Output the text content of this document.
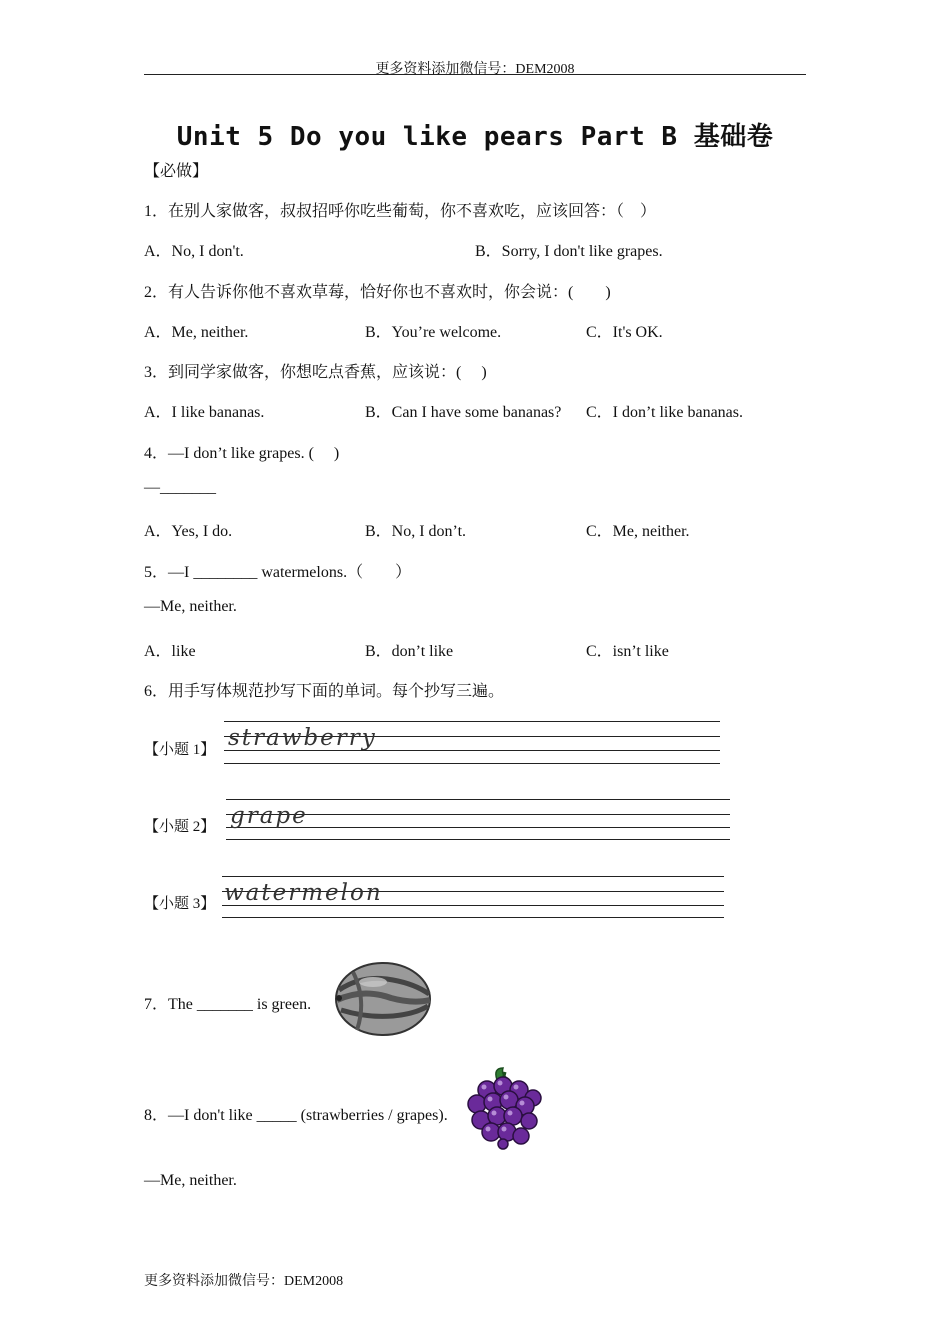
更多资料添加微信号：DEM2008
Unit 5 Do you like pears Part B 基础卷
【必做】
1．在别人家做客，叔叔招呼你吃些葡萄，你不喜欢吃，应该回答：（　）
A．No, I don't.	B．Sorry, I don't like grapes.
2．有人告诉你他不喜欢草莓，恰好你也不喜欢时，你会说：(　　)
A．Me, neither.	B．You’re welcome.	C．It's OK.
3．到同学家做客，你想吃点香蕉，应该说：(　 )
A．I like bananas.	B．Can I have some bananas? C．I don’t like bananas.
4．—I don’t like grapes. (　 )
—_______
A．Yes, I do.	B．No, I don’t.	C．Me, neither.
5．—I ________ watermelons.（　　）
—Me, neither.
A．like	B．don’t like	C．isn’t like
6．用手写体规范抄写下面的单词。每个抄写三遍。
【小题 1】 strawberry
【小题 2】 grape
【小题 3】 watermelon
7．The _______ is green.
8．—I don't like _____ (strawberries / grapes).
—Me, neither.
更多资料添加微信号：DEM2008
